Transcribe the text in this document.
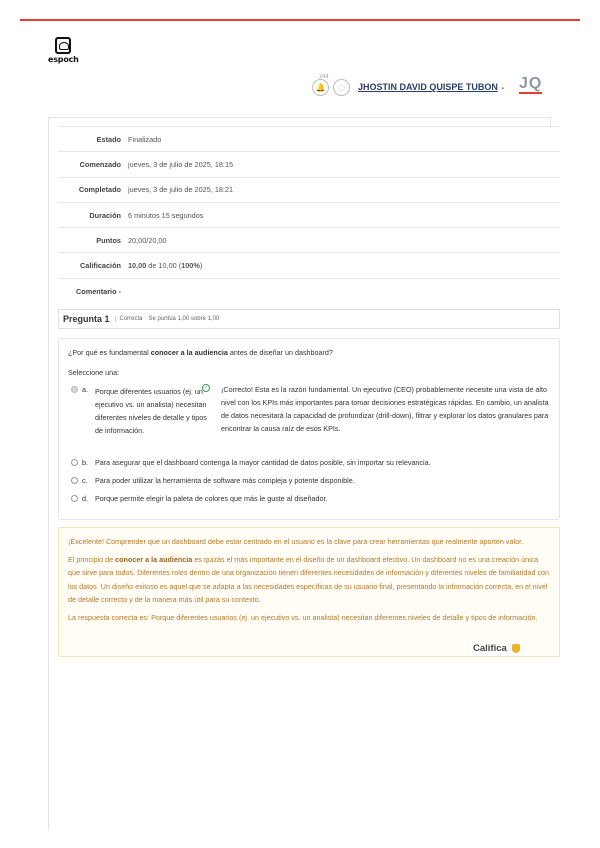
espoch
244
🔔	◌	JHOSTIN DAVID QUISPE TUBON ⌄ JQ
Estado	Finalizado
Comenzado	jueves, 3 de julio de 2025, 18:15
Completado	jueves, 3 de julio de 2025, 18:21
Duración	6 minutos 15 segundos
Puntos	20,00/20,00
Calificación	10,00 de 10,00 (100%)
Comentario -	
Pregunta 1	Correcta Se puntúa 1,00 sobre 1,00
¿Por qué es fundamental conocer a la audiencia antes de diseñar un dashboard?
Seleccione una:
a. Porque diferentes usuarios (ej. un ejecutivo vs. un analista) necesitan diferentes niveles de detalle y tipos de información.
✓ ¡Correcto! Esta es la razón fundamental. Un ejecutivo (CEO) probablemente necesite una vista de alto nivel con los KPIs más importantes para tomar decisiones estratégicas rápidas. En cambio, un analista de datos necesitará la capacidad de profundizar (drill-down), filtrar y explorar los datos granulares para encontrar la causa raíz de esos KPIs.
b. Para asegurar que el dashboard contenga la mayor cantidad de datos posible, sin importar su relevancia.
c.	Para poder utilizar la herramienta de software más compleja y potente disponible.
d. Porque permite elegir la paleta de colores que más le guste al diseñador.

¡Excelente! Comprender que un dashboard debe estar centrado en el usuario es la clave para crear herramientas que realmente aporten valor.

El principio de conocer a la audiencia es quizás el más importante en el diseño de un dashboard efectivo. Un dashboard no es una creación única que sirve para todos. Diferentes roles dentro de una organización tienen diferentes necesidades de información y diferentes niveles de familiaridad con los datos. Un diseño exitoso es aquel que se adapta a las necesidades específicas de su usuario final, presentando la información correcta, en el nivel de detalle correcto y de la manera más útil para su contexto.

La respuesta correcta es: Porque diferentes usuarios (ej. un ejecutivo vs. un analista) necesitan diferentes niveles de detalle y tipos de información.

Califica
